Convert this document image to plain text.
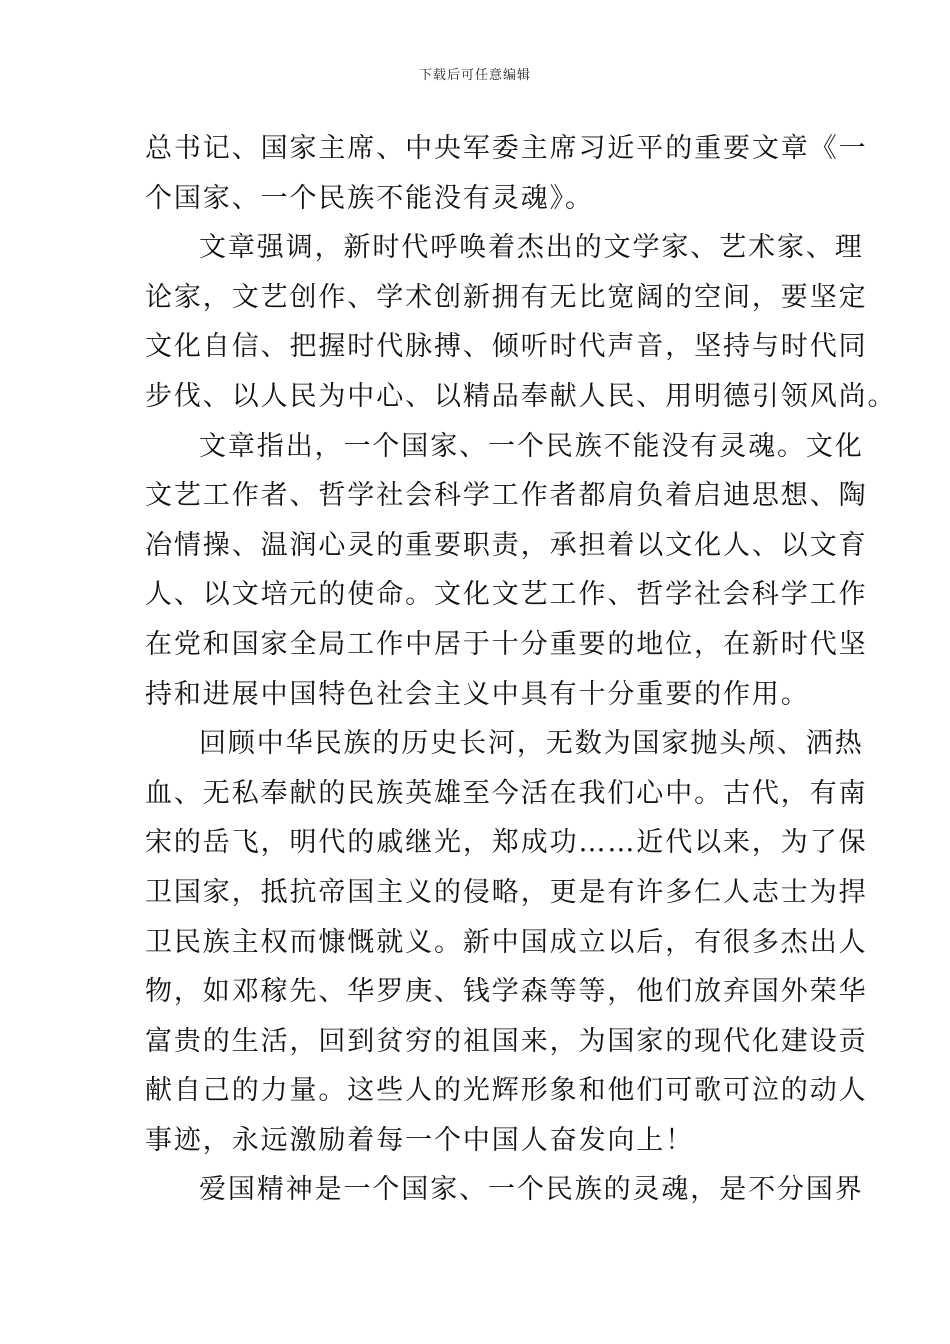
下载后可任意编辑
总书记、国家主席、中央军委主席习近平的重要文章《一
个国家、一个民族不能没有灵魂》。
文章强调，新时代呼唤着杰出的文学家、艺术家、理
论家，文艺创作、学术创新拥有无比宽阔的空间，要坚定
文化自信、把握时代脉搏、倾听时代声音，坚持与时代同
步伐、以人民为中心、以精品奉献人民、用明德引领风尚。
文章指出，一个国家、一个民族不能没有灵魂。文化
文艺工作者、哲学社会科学工作者都肩负着启迪思想、陶
冶情操、温润心灵的重要职责，承担着以文化人、以文育
人、以文培元的使命。文化文艺工作、哲学社会科学工作
在党和国家全局工作中居于十分重要的地位，在新时代坚
持和进展中国特色社会主义中具有十分重要的作用。
回顾中华民族的历史长河，无数为国家抛头颅、洒热
血、无私奉献的民族英雄至今活在我们心中。古代，有南
宋的岳飞，明代的戚继光，郑成功……近代以来，为了保
卫国家，抵抗帝国主义的侵略，更是有许多仁人志士为捍
卫民族主权而慷慨就义。新中国成立以后，有很多杰出人
物，如邓稼先、华罗庚、钱学森等等，他们放弃国外荣华
富贵的生活，回到贫穷的祖国来，为国家的现代化建设贡
献自己的力量。这些人的光辉形象和他们可歌可泣的动人
事迹，永远激励着每一个中国人奋发向上！
爱国精神是一个国家、一个民族的灵魂，是不分国界
